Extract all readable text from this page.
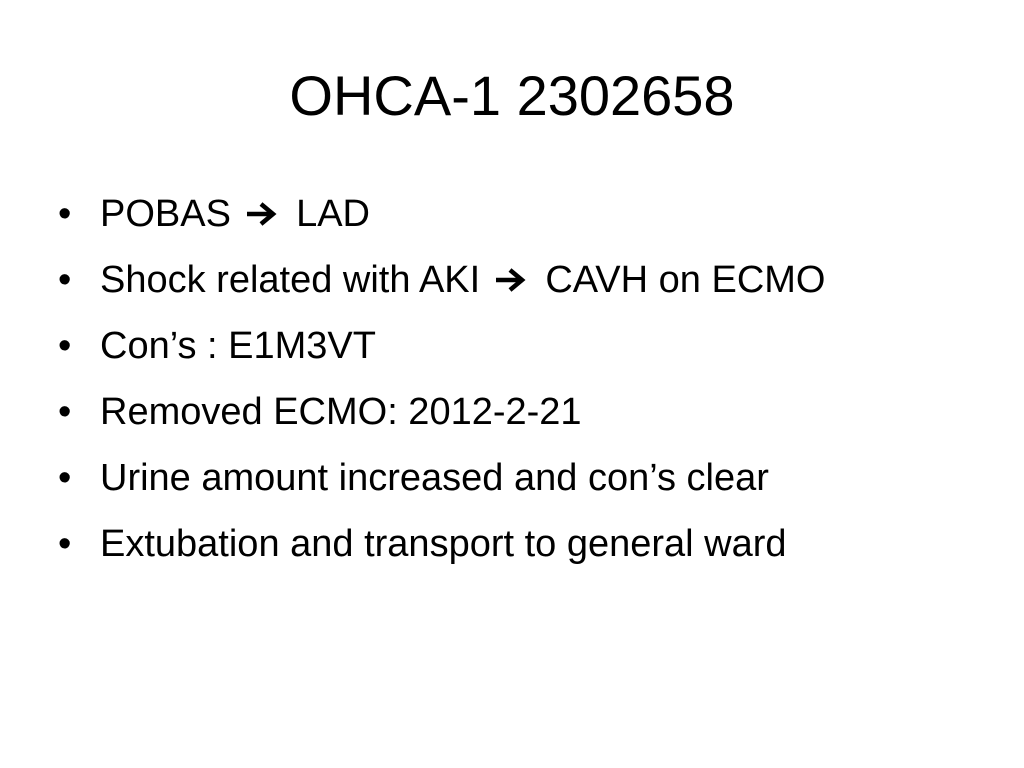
OHCA-1 2302658
• POBAS LAD
• Shock related with AKI CAVH on ECMO
• Con’s : E1M3VT
• Removed ECMO: 2012-2-21
• Urine amount increased and con’s clear
• Extubation and transport to general ward
